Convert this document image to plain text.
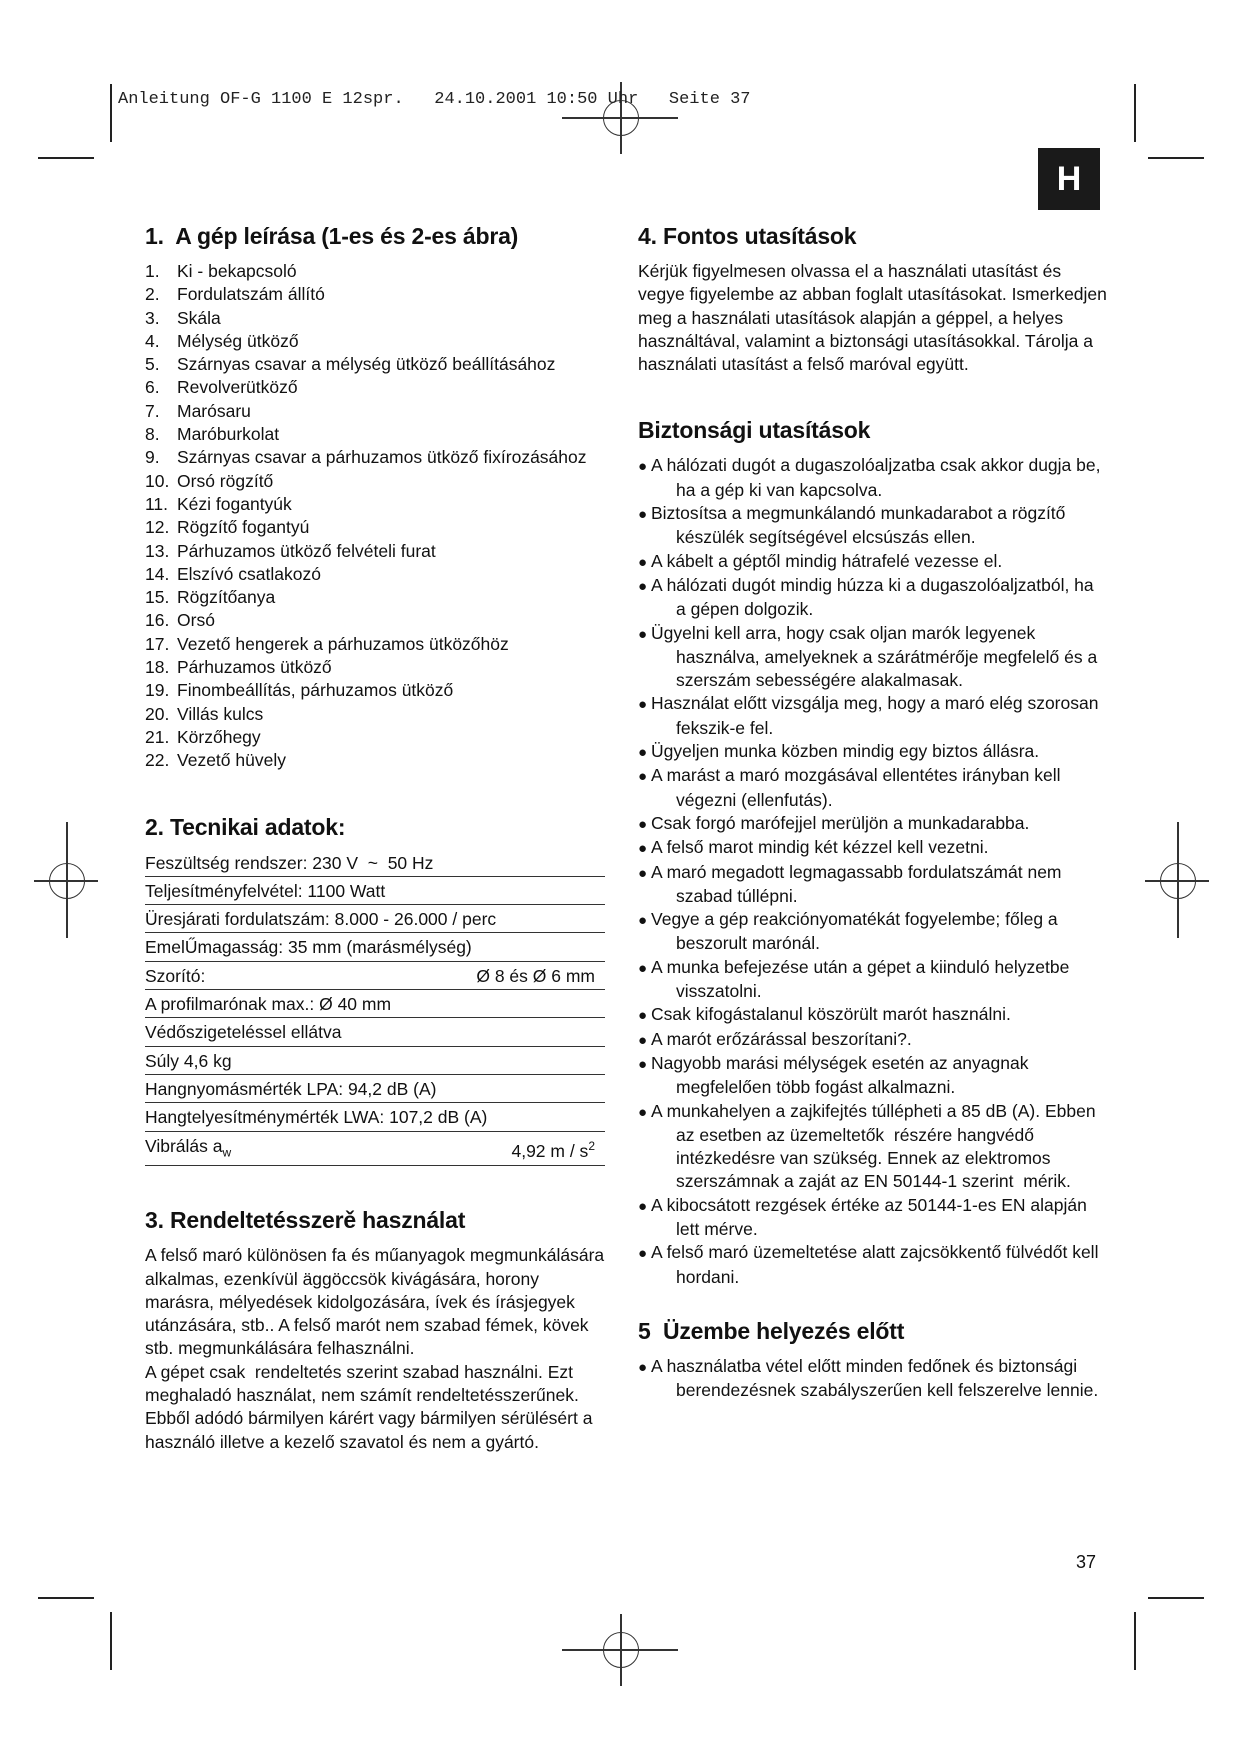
Anleitung OF-G 1100 E 12spr.   24.10.2001 10:50 Uhr   Seite 37
H
1.  A gép leírása (1-es és 2-es ábra)
1. Ki - bekapcsoló
2. Fordulatszám állító
3. Skála
4. Mélység ütköző
5. Szárnyas csavar a mélység ütköző beállításához
6. Revolverütköző
7. Marósaru
8. Maróburkolat
9. Szárnyas csavar a párhuzamos ütköző fixírozásához
10. Orsó rögzítő
11. Kézi fogantyúk
12. Rögzítő fogantyú
13. Párhuzamos ütköző felvételi furat
14. Elszívó csatlakozó
15. Rögzítőanya
16. Orsó
17. Vezető hengerek a párhuzamos ütközőhöz
18. Párhuzamos ütköző
19. Finombeállítás, párhuzamos ütköző
20. Villás kulcs
21. Körzőhegy
22. Vezető hüvely
2. Tecnikai adatok:
Feszültség rendszer: 230 V  ~  50 Hz

Teljesítményfelvétel: 1100 Watt

Üresjárati fordulatszám: 8.000 - 26.000 / perc

EmelŰmagasság: 35 mm (marásmélység)

Szorító:	Ø 8 és Ø 6 mm

A profilmarónak max.: Ø 40 mm

Védőszigeteléssel ellátva

Súly 4,6 kg

Hangnyomásmérték LPA: 94,2 dB (A)

Hangtelyesítménymérték LWA: 107,2 dB (A)

Vibrálás $a_w$	4,92 m / $s^2$
3. Rendeltetésszerě használat

A felső maró különösen fa és műanyagok megmunkálására alkalmas, ezenkívül äggöccsök kivágására, horony marásra, mélyedések kidolgozására, ívek és írásjegyek utánzására, stb.. A felső marót nem szabad fémek, kövek stb. megmunkálására felhasználni.

A gépet csak  rendeltetés szerint szabad használni. Ezt meghaladó használat, nem számít rendeltetésszerűnek. Ebből adódó bármilyen kárért vagy bármilyen sérülésért a használó illetve a kezelő szavatol és nem a gyártó.

4. Fontos utasítások

Kérjük figyelmesen olvassa el a használati utasítást és vegye figyelembe az abban foglalt utasításokat. Ismerkedjen meg a használati utasítások alapján a géppel, a helyes használtával, valamint a biztonsági utasításokkal. Tárolja a használati utasítást a felső maróval együtt.

Biztonsági utasítások
● A hálózati dugót a dugaszolóaljzatba csak akkor dugja be, ha a gép ki van kapcsolva.
● Biztosítsa a megmunkálandó munkadarabot a rögzítő készülék segítségével elcsúszás ellen.
● A kábelt a géptől mindig hátrafelé vezesse el.
● A hálózati dugót mindig húzza ki a dugaszolóaljzatból, ha a gépen dolgozik.
● Ügyelni kell arra, hogy csak oljan marók legyenek használva, amelyeknek a szárátmérője megfelelő és a szerszám sebességére alakalmasak.
● Használat előtt vizsgálja meg, hogy a maró elég szorosan fekszik-e fel.
● Ügyeljen munka közben mindig egy biztos állásra.
● A marást a maró mozgásával ellentétes irányban kell végezni (ellenfutás).
● Csak forgó marófejjel merüljön a munkadarabba.
● A felső marot mindig két kézzel kell vezetni.
● A maró megadott legmagassabb fordulatszámát nem szabad túllépni.
● Vegye a gép reakciónyomatékát fogyelembe; főleg a beszorult marónál.
● A munka befejezése után a gépet a kiinduló helyzetbe visszatolni.
● Csak kifogástalanul köszörült marót használni.
● A marót erőzárással beszorítani?.
● Nagyobb marási mélységek esetén az anyagnak megfelelően több fogást alkalmazni.
● A munkahelyen a zajkifejtés túllépheti a 85 dB (A). Ebben az esetben az üzemeltetők  részére hangvédő intézkedésre van szükség. Ennek az elektromos szerszámnak a zaját az EN 50144-1 szerint  mérik.
● A kibocsátott rezgések értéke az 50144-1-es EN alapján lett mérve.
● A felső maró üzemeltetése alatt zajcsökkentő fülvédőt kell hordani.
5  Üzembe helyezés előtt
● A használatba vétel előtt minden fedőnek és biztonsági berendezésnek szabályszerűen kell felszerelve lennie.
37
